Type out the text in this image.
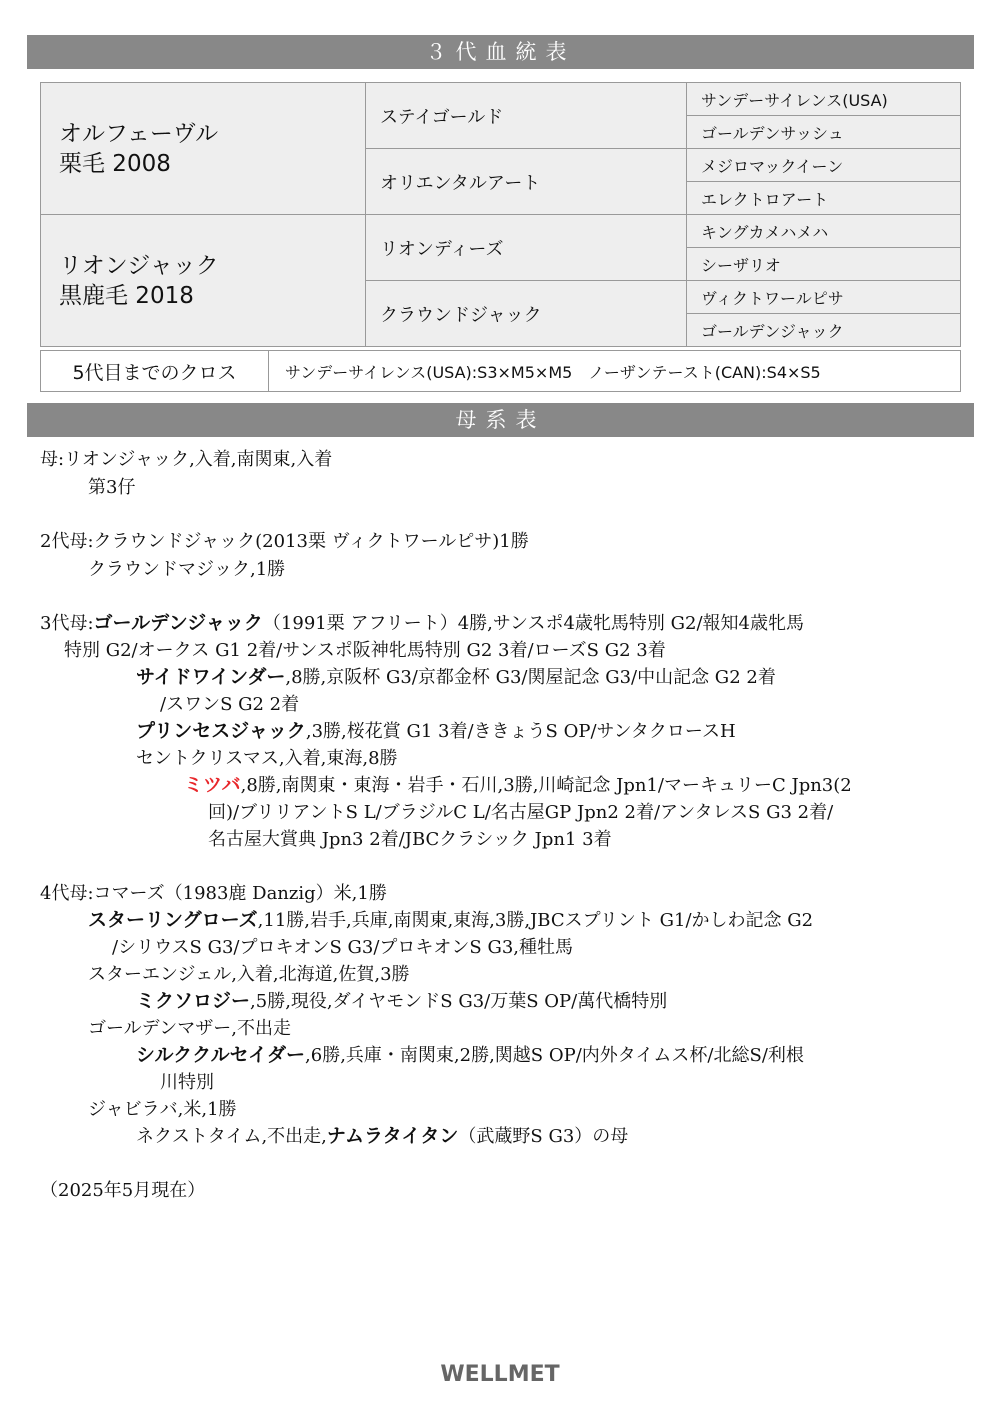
３代血統表
オルフェーヴル
栗毛 2008	ステイゴールド	サンデーサイレンス(USA)
		ゴールデンサッシュ
	オリエンタルアート	メジロマックイーン
		エレクトロアート

リオンジャック
黒鹿毛 2018	リオンディーズ	キングカメハメハ
		シーザリオ
	クラウンドジャック	ヴィクトワールピサ
		ゴールデンジャック
5代目までのクロス	サンデーサイレンス(USA):S3×M5×M5　ノーザンテースト(CAN):S4×S5
母系表
母:リオンジャック,入着,南関東,入着
第3仔
2代母:クラウンドジャック(2013栗 ヴィクトワールピサ)1勝
クラウンドマジック,1勝
3代母:ゴールデンジャック（1991栗 アフリート）4勝,サンスポ4歳牝馬特別 G2/報知4歳牝馬
特別 G2/オークス G1 2着/サンスポ阪神牝馬特別 G2 3着/ローズS G2 3着
サイドワインダー,8勝,京阪杯 G3/京都金杯 G3/関屋記念 G3/中山記念 G2 2着
/スワンS G2 2着
プリンセスジャック,3勝,桜花賞 G1 3着/ききょうS OP/サンタクロースH
セントクリスマス,入着,東海,8勝
ミツバ,8勝,南関東・東海・岩手・石川,3勝,川崎記念 Jpn1/マーキュリーC Jpn3(2
回)/ブリリアントS L/ブラジルC L/名古屋GP Jpn2 2着/アンタレスS G3 2着/
名古屋大賞典 Jpn3 2着/JBCクラシック Jpn1 3着
4代母:コマーズ（1983鹿 Danzig）米,1勝
スターリングローズ,11勝,岩手,兵庫,南関東,東海,3勝,JBCスプリント G1/かしわ記念 G2
/シリウスS G3/プロキオンS G3/プロキオンS G3,種牡馬
スターエンジェル,入着,北海道,佐賀,3勝
ミクソロジー,5勝,現役,ダイヤモンドS G3/万葉S OP/萬代橋特別
ゴールデンマザー,不出走
シルククルセイダー,6勝,兵庫・南関東,2勝,関越S OP/内外タイムス杯/北総S/利根
川特別
ジャビラバ,米,1勝
ネクストタイム,不出走,ナムラタイタン（武蔵野S G3）の母
（2025年5月現在）
WELLMET
